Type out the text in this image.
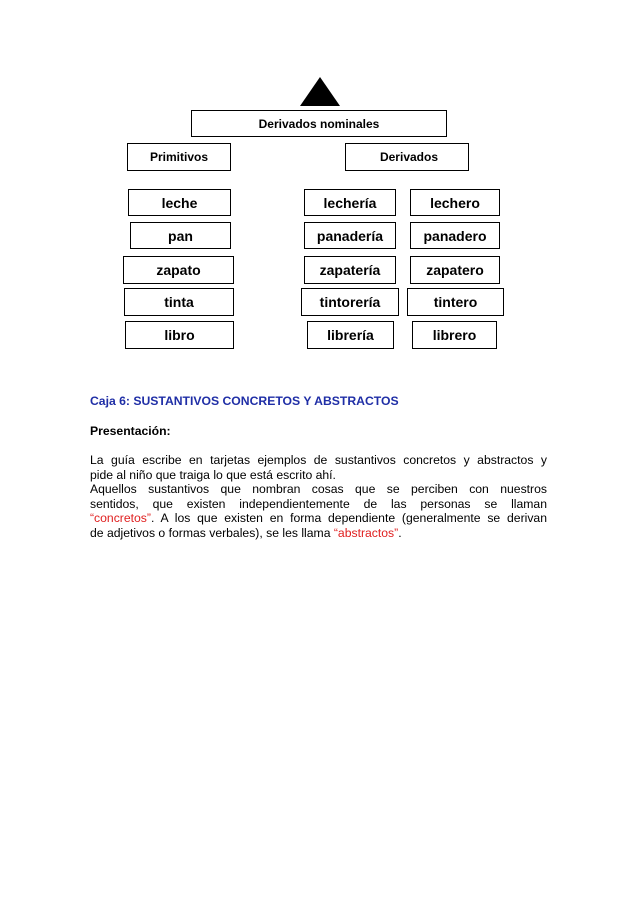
Derivados nominales
Primitivos	Derivados
leche
pan
zapato
tinta
libro
lechería
panadería
zapatería
tintorería
librería
lechero
panadero
zapatero
tintero
librero
Caja 6: SUSTANTIVOS CONCRETOS Y ABSTRACTOS
Presentación:
La guía escribe en tarjetas ejemplos de sustantivos concretos y abstractos y
pide al niño que traiga lo que está escrito ahí.
Aquellos sustantivos que nombran cosas que se perciben con nuestros
sentidos, que existen independientemente de las personas se llaman
“concretos”. A los que existen en forma dependiente (generalmente se derivan
de adjetivos o formas verbales), se les llama “abstractos”.
